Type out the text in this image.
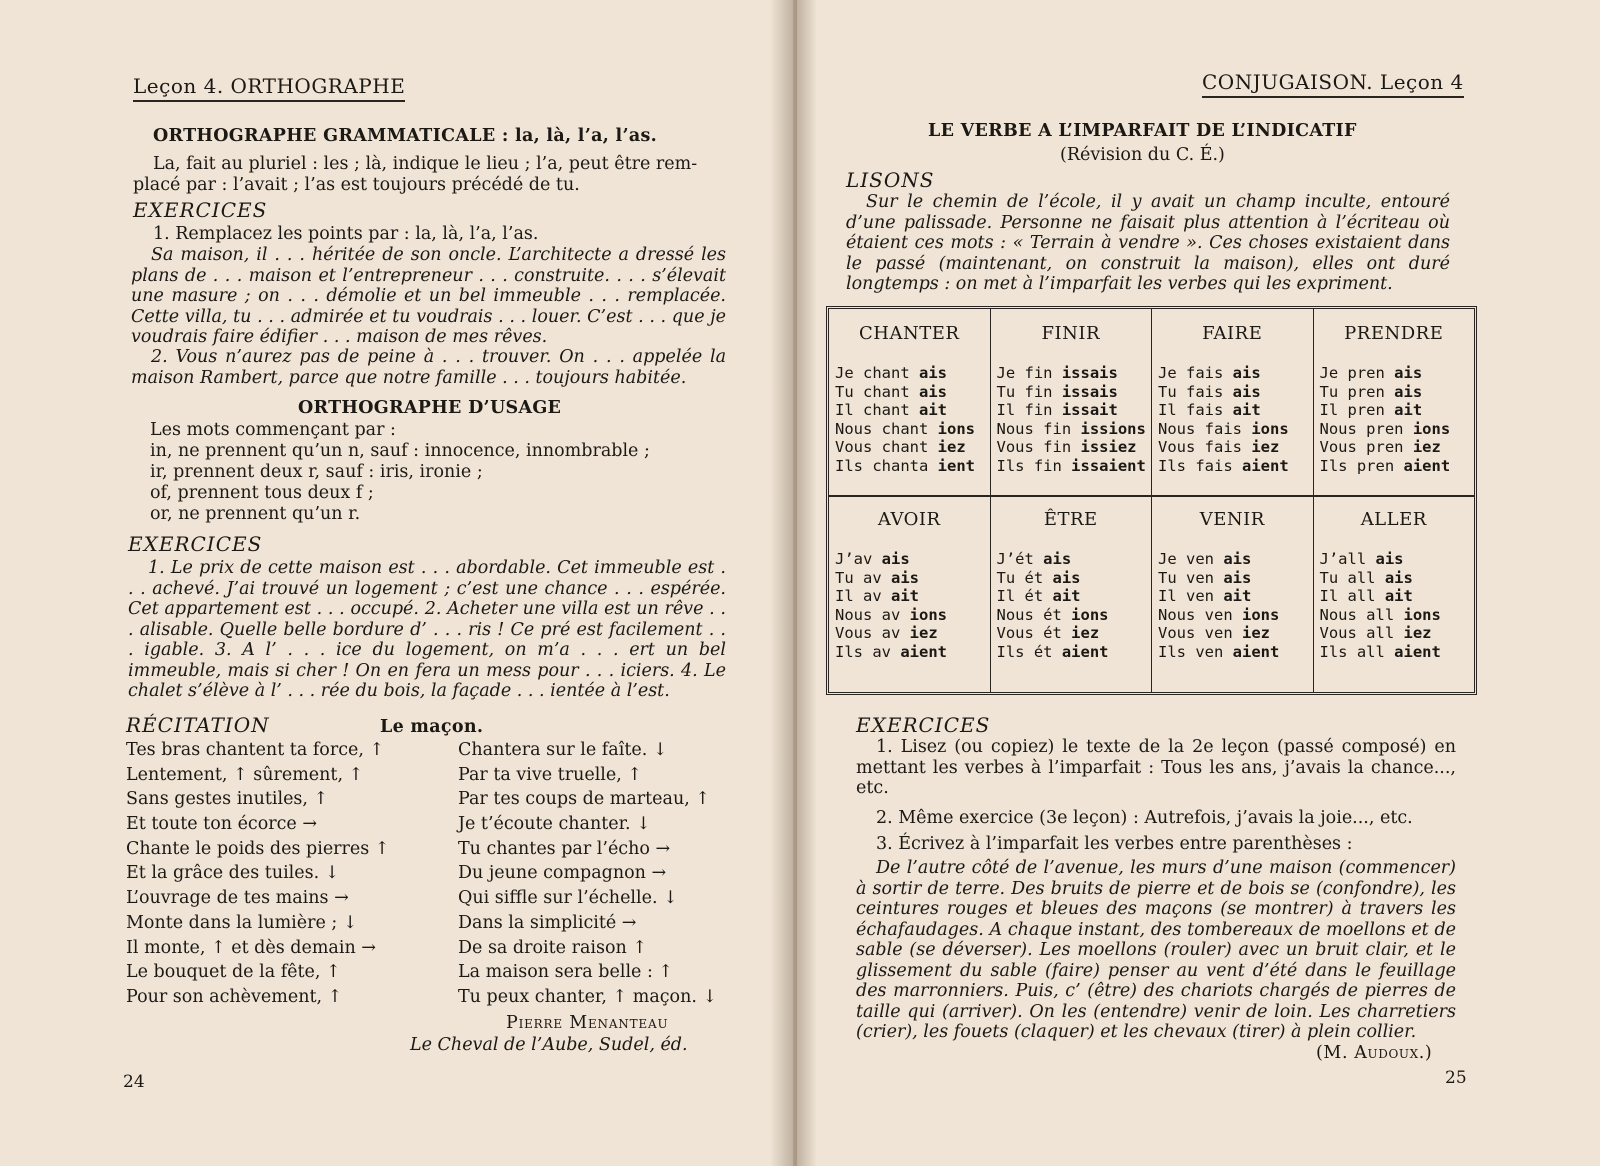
Leçon 4. ORTHOGRAPHE
ORTHOGRAPHE GRAMMATICALE : la, là, l’a, l’as.
La, fait au pluriel : les ; là, indique le lieu ; l’a, peut être rem-
placé par : l’avait ; l’as est toujours précédé de tu.
EXERCICES
1. Remplacez les points par : la, là, l’a, l’as.
Sa maison, il . . . héritée de son oncle. L’architecte a dressé les plans de . . . maison et l’entrepreneur . . . construite. . . . s’élevait une masure ; on . . . démolie et un bel immeuble . . . remplacée. Cette villa, tu . . . admirée et tu voudrais . . . louer. C’est . . . que je voudrais faire édifier . . . maison de mes rêves.
2. Vous n’aurez pas de peine à . . . trouver. On . . . appelée la maison Rambert, parce que notre famille . . . toujours habitée.
ORTHOGRAPHE D’USAGE
Les mots commençant par :
in, ne prennent qu’un n, sauf : innocence, innombrable ;
ir, prennent deux r, sauf : iris, ironie ;
of, prennent tous deux f ;
or, ne prennent qu’un r.
EXERCICES
1. Le prix de cette maison est . . . abordable. Cet immeuble est . . . achevé. J’ai trouvé un logement ; c’est une chance . . . espérée. Cet appartement est . . . occupé. 2. Acheter une villa est un rêve . . . alisable. Quelle belle bordure d’ . . . ris ! Ce pré est facilement . . . igable. 3. A l’ . . . ice du logement, on m’a . . . ert un bel immeuble, mais si cher ! On en fera un mess pour . . . iciers. 4. Le chalet s’élève à l’ . . . rée du bois, la façade . . . ientée à l’est.
RÉCITATION	Le maçon.
Tes bras chantent ta force, ↑
Lentement, ↑ sûrement, ↑
Sans gestes inutiles, ↑
Et toute ton écorce →
Chante le poids des pierres ↑
Et la grâce des tuiles. ↓
L’ouvrage de tes mains →
Monte dans la lumière ; ↓
Il monte, ↑ et dès demain →
Le bouquet de la fête, ↑
Pour son achèvement, ↑
Chantera sur le faîte. ↓
Par ta vive truelle, ↑
Par tes coups de marteau, ↑
Je t’écoute chanter. ↓
Tu chantes par l’écho →
Du jeune compagnon →
Qui siffle sur l’échelle. ↓
Dans la simplicité →
De sa droite raison ↑
La maison sera belle : ↑
Tu peux chanter, ↑ maçon. ↓
Pierre Menanteau
Le Cheval de l’Aube, Sudel, éd.
24
CONJUGAISON. Leçon 4
LE VERBE A L’IMPARFAIT DE L’INDICATIF
(Révision du C. É.)
LISONS
Sur le chemin de l’école, il y avait un champ inculte, entouré d’une palissade. Personne ne faisait plus attention à l’écriteau où étaient ces mots : « Terrain à vendre ». Ces choses existaient dans le passé (maintenant, on construit la maison), elles ont duré longtemps : on met à l’imparfait les verbes qui les expriment.
CHANTER
Je chant ais
Tu chant ais
Il chant ait
Nous chant ions
Vous chant iez
Ils chanta ient
FINIR
Je fin issais
Tu fin issais
Il fin issait
Nous fin issions
Vous fin issiez
Ils fin issaient
FAIRE
Je fais ais
Tu fais ais
Il fais ait
Nous fais ions
Vous fais iez
Ils fais aient
PRENDRE
Je pren ais
Tu pren ais
Il pren ait
Nous pren ions
Vous pren iez
Ils pren aient
AVOIR
J’av ais
Tu av ais
Il av ait
Nous av ions
Vous av iez
Ils av aient
ÊTRE
J’ét ais
Tu ét ais
Il ét ait
Nous ét ions
Vous ét iez
Ils ét aient
VENIR
Je ven ais
Tu ven ais
Il ven ait
Nous ven ions
Vous ven iez
Ils ven aient
ALLER
J’all ais
Tu all ais
Il all ait
Nous all ions
Vous all iez
Ils all aient
EXERCICES
1. Lisez (ou copiez) le texte de la 2e leçon (passé composé) en mettant les verbes à l’imparfait : Tous les ans, j’avais la chance..., etc.
2. Même exercice (3e leçon) : Autrefois, j’avais la joie..., etc.
3. Écrivez à l’imparfait les verbes entre parenthèses :
De l’autre côté de l’avenue, les murs d’une maison (commencer) à sortir de terre. Des bruits de pierre et de bois se (confondre), les ceintures rouges et bleues des maçons (se montrer) à travers les échafaudages. A chaque instant, des tombereaux de moellons et de sable (se déverser). Les moellons (rouler) avec un bruit clair, et le glissement du sable (faire) penser au vent d’été dans le feuillage des marronniers. Puis, c’ (être) des chariots chargés de pierres de taille qui (arriver). On les (entendre) venir de loin. Les charretiers (crier), les fouets (claquer) et les chevaux (tirer) à plein collier.
(M. Audoux.)
25
